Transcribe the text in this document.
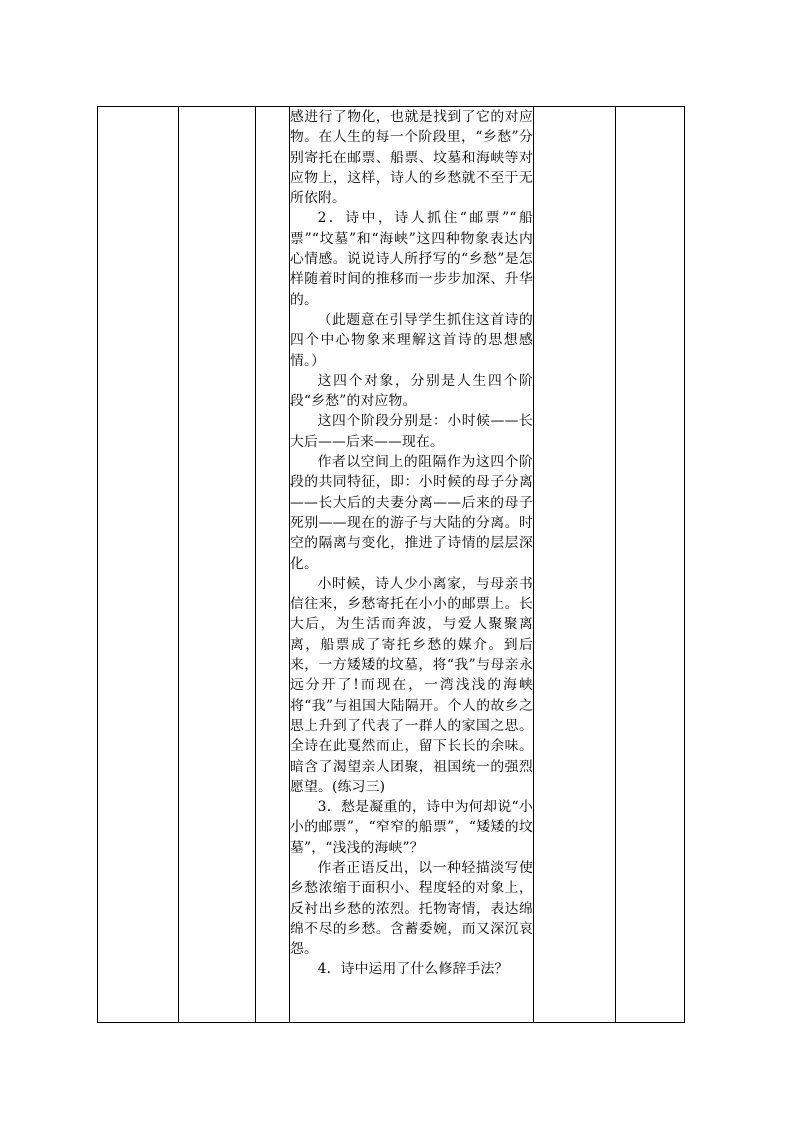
感进行了物化，也就是找到了它的对应物。在人生的每一个阶段里，“乡愁”分别寄托在邮票、船票、坟墓和海峡等对应物上，这样，诗人的乡愁就不至于无所依附。

2．诗中，诗人抓住“邮票”“船票”“坟墓”和“海峡”这四种物象表达内心情感。说说诗人所抒写的“乡愁”是怎样随着时间的推移而一步步加深、升华的。

（此题意在引导学生抓住这首诗的四个中心物象来理解这首诗的思想感情。）

这四个对象，分别是人生四个阶段“乡愁”的对应物。

这四个阶段分别是：小时候——长大后——后来——现在。

作者以空间上的阻隔作为这四个阶段的共同特征，即：小时候的母子分离——长大后的夫妻分离——后来的母子死别——现在的游子与大陆的分离。时空的隔离与变化，推进了诗情的层层深化。

小时候，诗人少小离家，与母亲书信往来，乡愁寄托在小小的邮票上。长大后，为生活而奔波，与爱人聚聚离离，船票成了寄托乡愁的媒介。到后来，一方矮矮的坟墓，将“我”与母亲永远分开了!而现在，一湾浅浅的海峡将“我”与祖国大陆隔开。个人的故乡之思上升到了代表了一群人的家国之思。全诗在此戛然而止，留下长长的余味。暗含了渴望亲人团聚，祖国统一的强烈愿望。(练习三)

3．愁是凝重的，诗中为何却说“小小的邮票”，“窄窄的船票”，“矮矮的坟墓”，“浅浅的海峡”？

作者正语反出，以一种轻描淡写使乡愁浓缩于面积小、程度轻的对象上，反衬出乡愁的浓烈。托物寄情，表达绵绵不尽的乡愁。含蓄委婉，而又深沉哀怨。

4．诗中运用了什么修辞手法？
